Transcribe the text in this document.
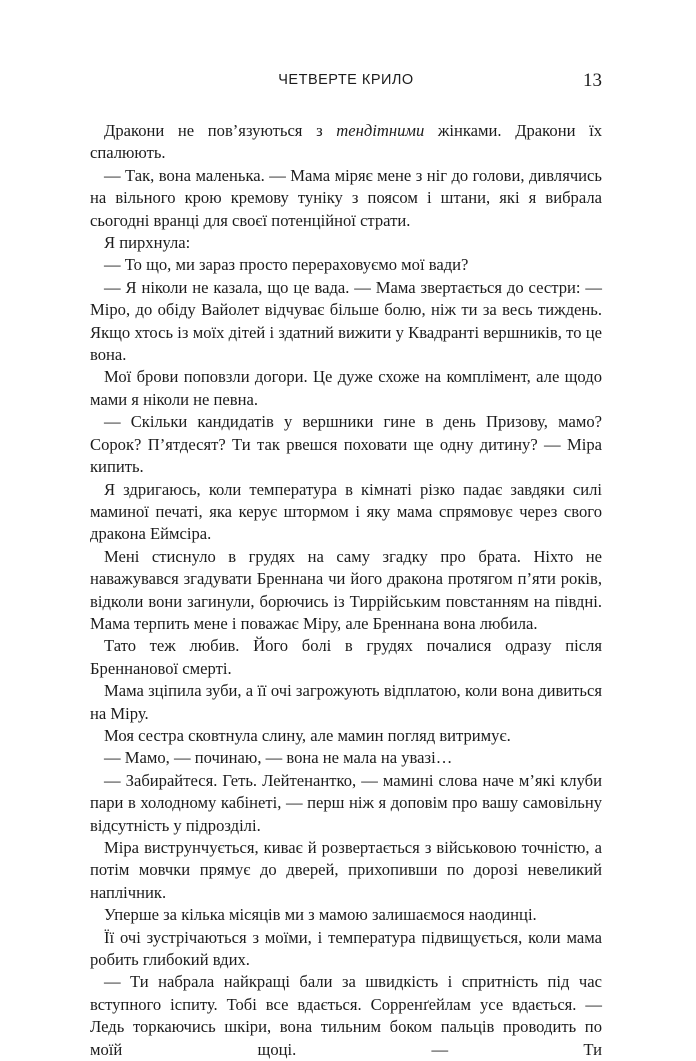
ЧЕТВЕРТЕ КРИЛО	13

Дракони не пов’язуються з тендітними жінками. Дракони їх спалюють.

— Так, вона маленька. — Мама міряє мене з ніг до голови, дивлячись на вільного крою кремову туніку з поясом і штани, які я вибрала сьогодні вранці для своєї потенційної страти.

Я пирхнула:

— То що, ми зараз просто перераховуємо мої вади?

— Я ніколи не казала, що це вада. — Мама звертається до сестри: — Міро, до обіду Вайолет відчуває більше болю, ніж ти за весь тиждень. Якщо хтось із моїх дітей і здатний вижити у Квадранті вершників, то це вона.

Мої брови поповзли догори. Це дуже схоже на комплімент, але щодо мами я ніколи не певна.

— Скільки кандидатів у вершники гине в день Призову, мамо? Сорок? П’ятдесят? Ти так рвешся поховати ще одну дитину? — Міра кипить.

Я здригаюсь, коли температура в кімнаті різко падає завдяки силі маминої печаті, яка керує штормом і яку мама спрямовує через свого дракона Еймсіра.

Мені стиснуло в грудях на саму згадку про брата. Ніхто не наважувався згадувати Бреннана чи його дракона протягом п’яти років, відколи вони загинули, борючись із Тиррійським повстанням на півдні. Мама терпить мене і поважає Міру, але Бреннана вона любила.

Тато теж любив. Його болі в грудях почалися одразу після Бреннанової смерті.

Мама зціпила зуби, а її очі загрожують відплатою, коли вона дивиться на Міру.

Моя сестра сковтнула слину, але мамин погляд витримує.

— Мамо, — починаю, — вона не мала на увазі…

— Забирайтеся. Геть. Лейтенантко, — мамині слова наче м’які клуби пари в холодному кабінеті, — перш ніж я доповім про вашу самовільну відсутність у підрозділі.

Міра виструнчується, киває й розвертається з військовою точністю, а потім мовчки прямує до дверей, прихопивши по дорозі невеликий наплічник.

Уперше за кілька місяців ми з мамою залишаємося наодинці.

Її очі зустрічаються з моїми, і температура підвищується, коли мама робить глибокий вдих.

— Ти набрала найкращі бали за швидкість і спритність під час вступного іспиту. Тобі все вдається. Сорренґейлам усе вдається. — Ледь торкаючись шкіри, вона тильним боком пальців проводить по моїй щоці. — Ти
